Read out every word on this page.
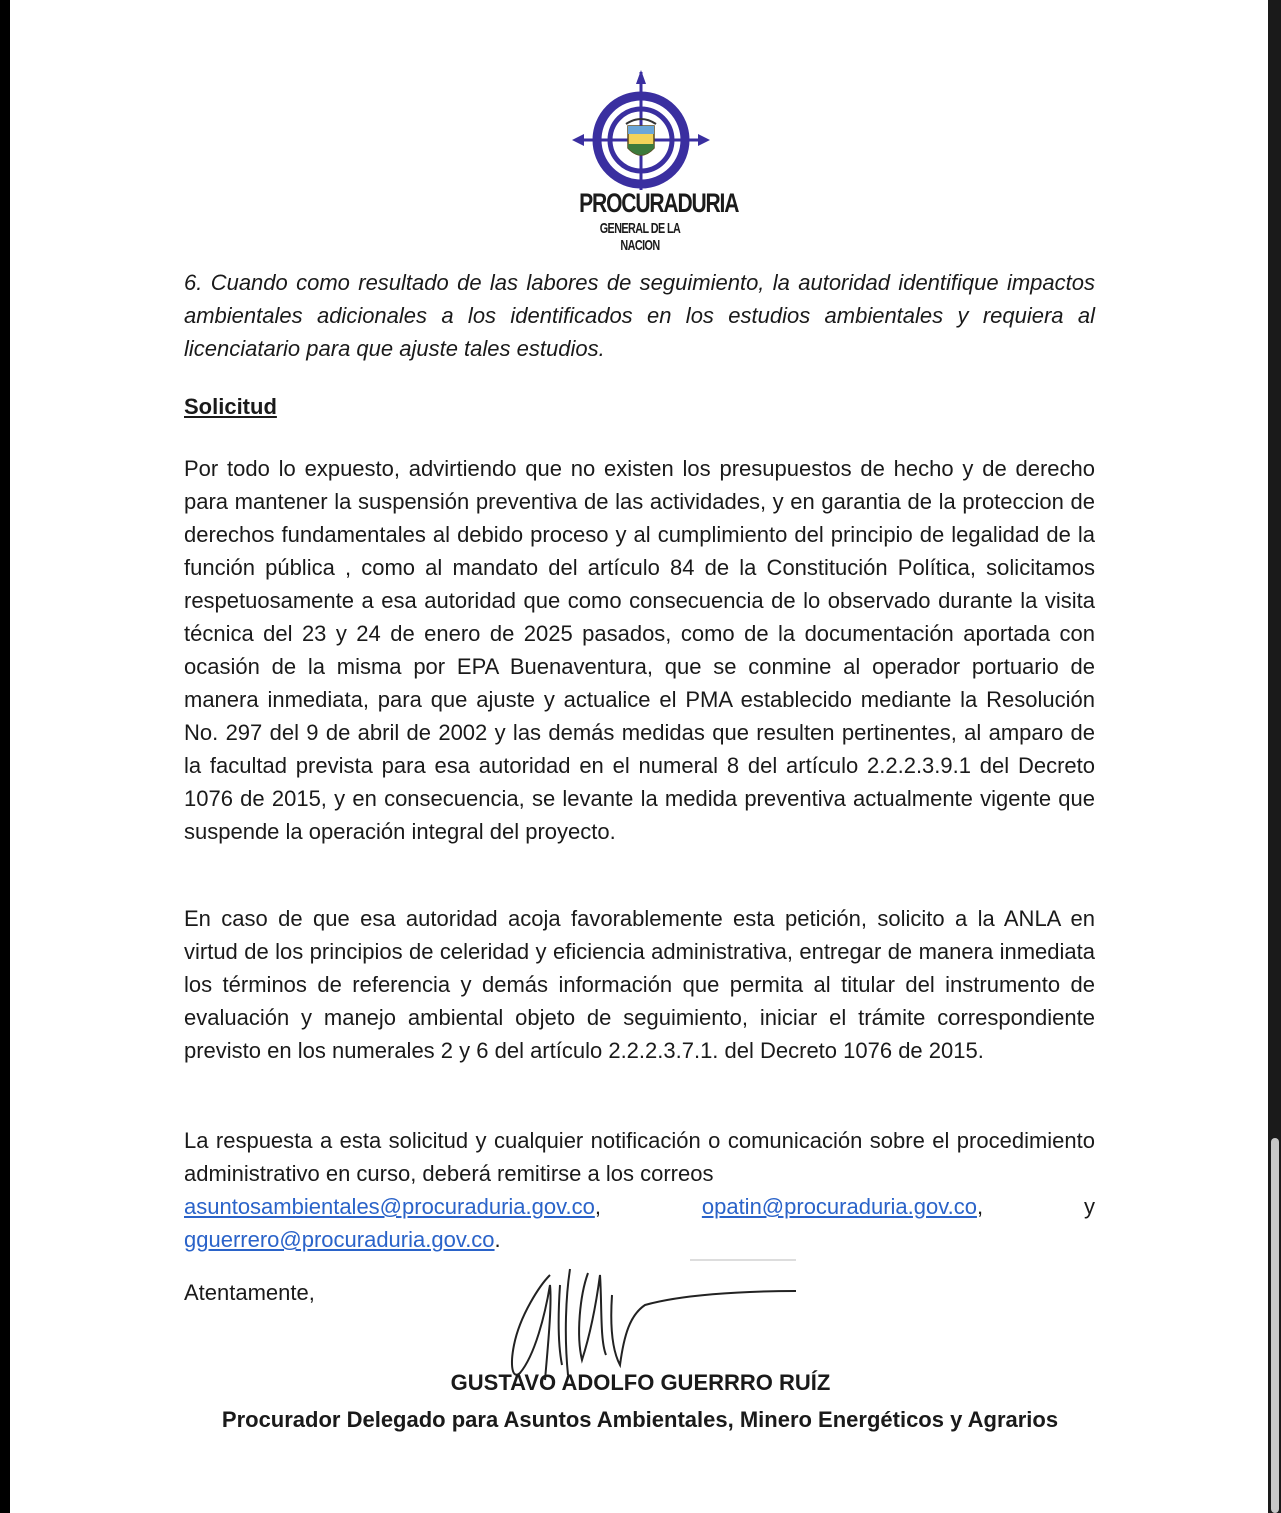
PROCURADURIA
GENERAL DE LA NACION
6. Cuando como resultado de las labores de seguimiento, la autoridad identifique impactos ambientales adicionales a los identificados en los estudios ambientales y requiera al licenciatario para que ajuste tales estudios.
Solicitud
Por todo lo expuesto, advirtiendo que no existen los presupuestos de hecho y de derecho para mantener la suspensión preventiva de las actividades, y en garantia de la proteccion de derechos fundamentales al debido proceso y al cumplimiento del principio de legalidad de la función pública , como al mandato del artículo 84 de la Constitución Política, solicitamos respetuosamente a esa autoridad que como consecuencia de lo observado durante la visita técnica del 23 y 24 de enero de 2025 pasados, como de la documentación aportada con ocasión de la misma por EPA Buenaventura, que se conmine al operador portuario de manera inmediata, para que ajuste y actualice el PMA establecido mediante la Resolución No. 297 del 9 de abril de 2002 y las demás medidas que resulten pertinentes, al amparo de la facultad prevista para esa autoridad en el numeral 8 del artículo 2.2.2.3.9.1 del Decreto 1076 de 2015, y en consecuencia, se levante la medida preventiva actualmente vigente que suspende la operación integral del proyecto.
En caso de que esa autoridad acoja favorablemente esta petición, solicito a la ANLA en virtud de los principios de celeridad y eficiencia administrativa, entregar de manera inmediata los términos de referencia y demás información que permita al titular del instrumento de evaluación y manejo ambiental objeto de seguimiento, iniciar el trámite correspondiente previsto en los numerales 2 y 6 del artículo 2.2.2.3.7.1. del Decreto 1076 de 2015.
La respuesta a esta solicitud y cualquier notificación o comunicación sobre el procedimiento administrativo en curso, deberá remitirse a los correos
asuntosambientales@procuraduria.gov.co,	opatin@procuraduria.gov.co,	y
gguerrero@procuraduria.gov.co.
Atentamente,
GUSTAVO ADOLFO GUERRRO RUÍZ
Procurador Delegado para Asuntos Ambientales, Minero Energéticos y Agrarios
